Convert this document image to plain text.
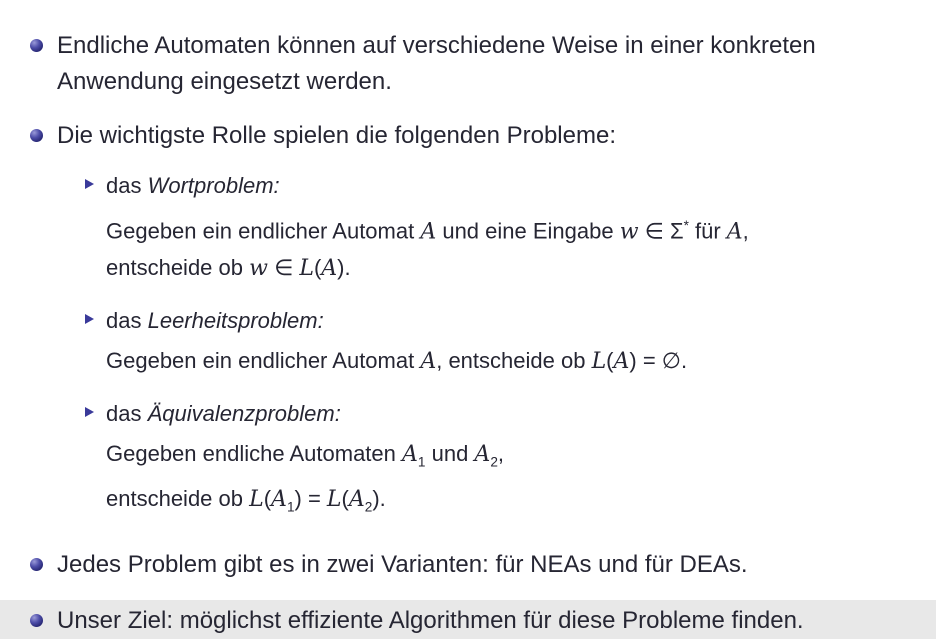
Endliche Automaten können auf verschiedene Weise in einer konkreten
Anwendung eingesetzt werden.
Die wichtigste Rolle spielen die folgenden Probleme:
das Wortproblem:
Gegeben ein endlicher Automat A und eine Eingabe w ∈ Σ* für A,
entscheide ob w ∈ L(A).
das Leerheitsproblem:
Gegeben ein endlicher Automat A, entscheide ob L(A) = ∅.
das Äquivalenzproblem:
Gegeben endliche Automaten $A_1$ und $A_2$,
entscheide ob $L(A_1) = L(A_2)$.
Jedes Problem gibt es in zwei Varianten: für NEAs und für DEAs.
Unser Ziel: möglichst effiziente Algorithmen für diese Probleme finden.
